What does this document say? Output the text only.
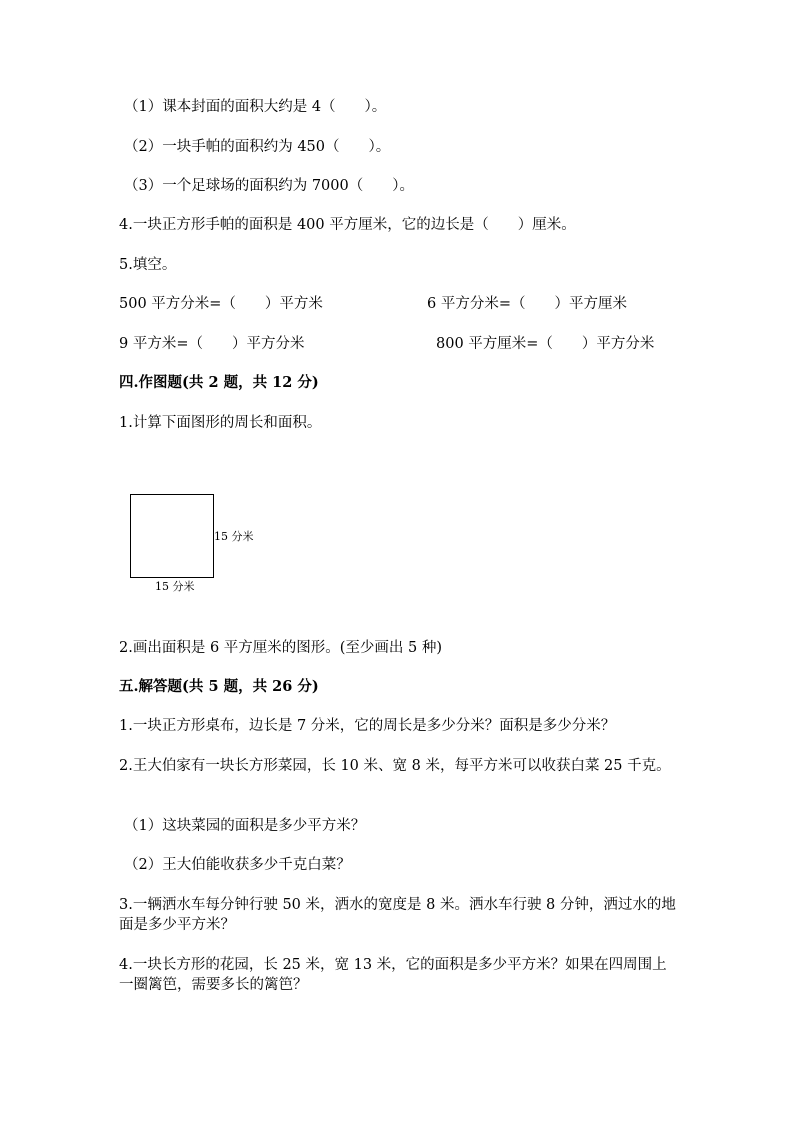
（1）课本封面的面积大约是 4（　　）。
（2）一块手帕的面积约为 450（　　）。
（3）一个足球场的面积约为 7000（　　）。
4.一块正方形手帕的面积是 400 平方厘米，它的边长是（　　）厘米。
5.填空。
500 平方分米=（　　）平方米	6 平方分米=（　　）平方厘米
9 平方米=（　　）平方分米	800 平方厘米=（　　）平方分米
四.作图题(共 2 题，共 12 分)
1.计算下面图形的周长和面积。
15 分米
15 分米
2.画出面积是 6 平方厘米的图形。(至少画出 5 种)
五.解答题(共 5 题，共 26 分)
1.一块正方形桌布，边长是 7 分米，它的周长是多少分米？面积是多少分米？
2.王大伯家有一块长方形菜园，长 10 米、宽 8 米，每平方米可以收获白菜 25 千克。
（1）这块菜园的面积是多少平方米？
（2）王大伯能收获多少千克白菜？
3.一辆洒水车每分钟行驶 50 米，洒水的宽度是 8 米。洒水车行驶 8 分钟，洒过水的地面是多少平方米？
4.一块长方形的花园，长 25 米，宽 13 米，它的面积是多少平方米？如果在四周围上一圈篱笆，需要多长的篱笆？
